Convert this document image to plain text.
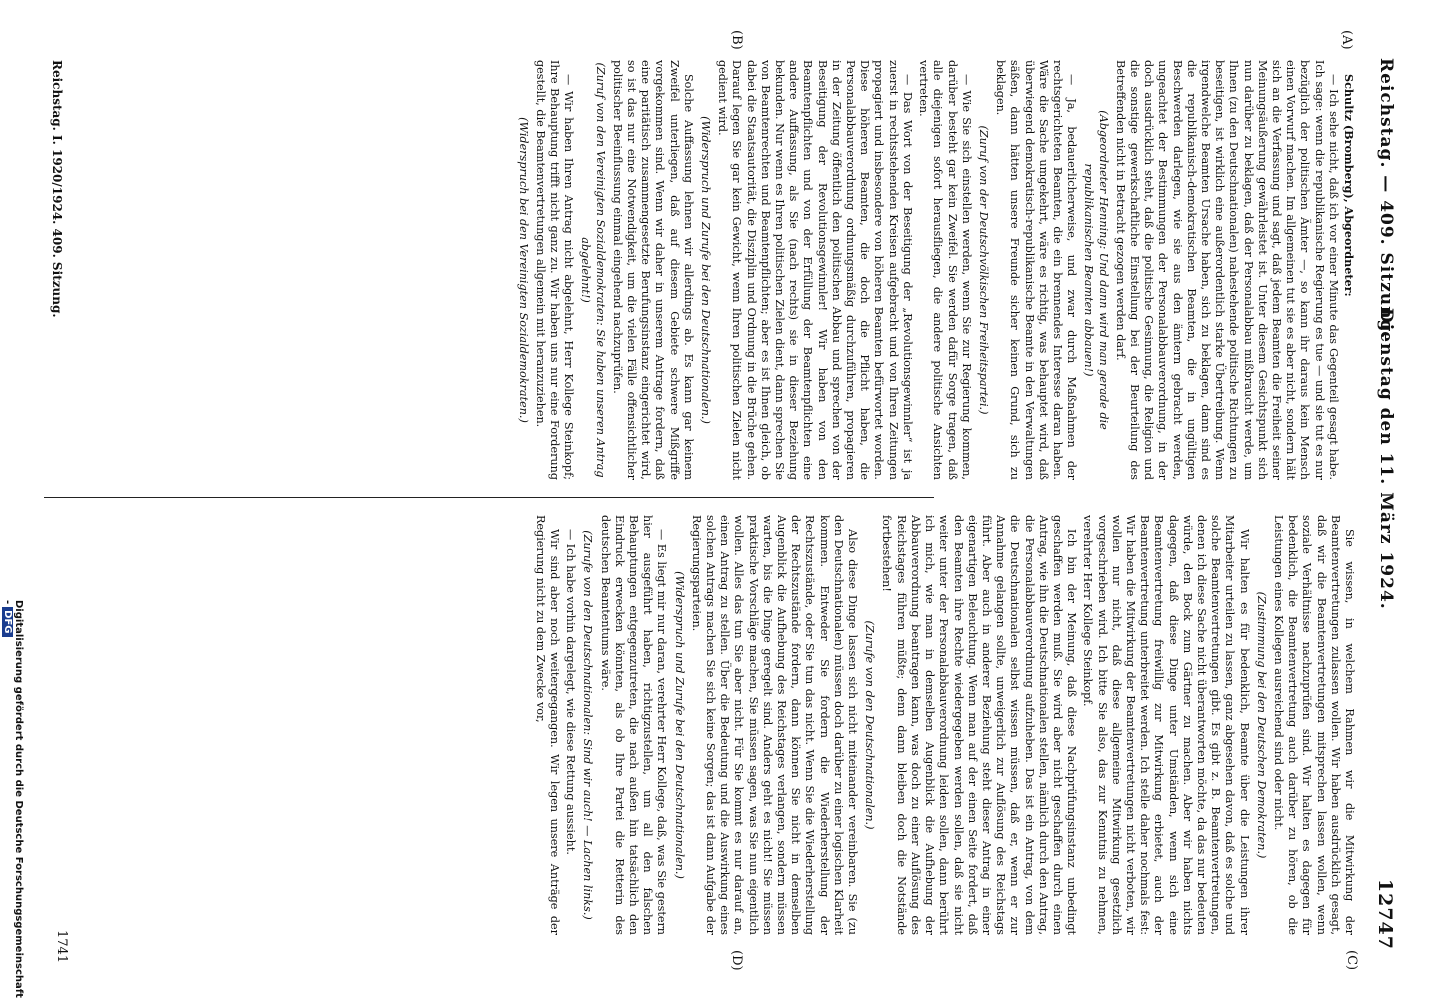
Reichstag. — 409. Sitzung.
Dienstag den 11. März 1924.
12747
(A)
(B)
(C)
(D)

Schultz (Bromberg), Abgeordneter:

— Ich sehe nicht, daß ich vor einer Minute das Gegenteil gesagt habe. Ich sage: wenn die republikanische Regierung es tue — und sie tut es nur bezüglich der politischen Ämter —, so kann ihr daraus kein Mensch einen Vorwurf machen. Im allgemeinen tut sie es aber nicht, sondern hält sich an die Verfassung und sagt, daß jedem Beamten die Freiheit seiner Meinungsäußerung gewährleistet ist. Unter diesem Gesichtspunkt sich nun darüber zu beklagen, daß der Personalabbau mißbraucht werde, um Ihnen (zu den Deutschnationalen) nahestehende politische Richtungen zu beseitigen, ist wirklich eine außerordentlich starke Übertreibung. Wenn irgendwelche Beamten Ursache haben, sich zu beklagen, dann sind es die republikanisch-demokratischen Beamten, die in ungültigen Beschwerden darlegen, wie sie aus den ämtern gebracht werden, ungeachtet der Bestimmungen der Personalabbauverordnung, in der doch ausdrücklich steht, daß die politische Gesinnung, die Religion und die sonstige gewerkschaftliche Einstellung bei der Beurteilung des Betreffenden nicht in Betracht gezogen werden darf.

(Abgeordneter Henning: Und dann wird man gerade die republikanischen Beamten abbauen!)

— Ja, bedauerlicherweise, und zwar durch Maßnahmen der rechtsgerichteten Beamten, die ein brennendes Interesse daran haben. Wäre die Sache umgekehrt, wäre es richtig, was behauptet wird, daß überwiegend demokratisch-republikanische Beamte in den Verwaltungen säßen, dann hätten unsere Freunde sicher keinen Grund, sich zu beklagen.

(Zuruf von der Deutschvölkischen Freiheitspartei.)

— Wie Sie sich einstellen werden, wenn Sie zur Regierung kommen, darüber besteht gar kein Zweifel. Sie werden dafür Sorge tragen, daß alle diejenigen sofort herausfliegen, die andere politische Ansichten vertreten.

— Das Wort von der Beseitigung der „Revolutionsgewinnler“ ist ja zuerst in rechtsstehenden Kreisen aufgebracht und von Ihren Zeitungen propagiert und insbesondere von höheren Beamten befürwortet worden. Diese höheren Beamten, die doch die Pflicht haben, die Personalabbauverordnung ordnungsmäßig durchzuführen, propagieren in der Zeitung öffentlich den politischen Abbau und sprechen von der Beseitigung der Revolutionsgewinnler! Wir haben von den Beamtenpflichten und von der Erfüllung der Beamtenpflichten eine andere Auffassung, als Sie (nach rechts) sie in dieser Beziehung bekunden. Nur wenn es Ihren politischen Zielen dient, dann sprechen Sie von Beamtenrechten und Beamtenpflichten; aber es ist Ihnen gleich, ob dabei die Staatsautorität, die Disziplin und Ordnung in die Brüche gehen. Darauf legen Sie gar kein Gewicht, wenn Ihren politischen Zielen nicht gedient wird.

(Widerspruch und Zurufe bei den Deutschnationalen.)

Solche Auffassung lehnen wir allerdings ab. Es kann gar keinem Zweifel unterliegen, daß auf diesem Gebiete schwere Mißgriffe vorgekommen sind. Wenn wir daher in unserem Antrage fordern, daß eine paritätisch zusammengesetzte Berufungsinstanz eingerichtet wird, so ist das nur eine Notwendigkeit, um die vielen Fälle offensichtlicher politischer Beeinflussung einmal eingehend nachzuprüfen.

(Zuruf von den Vereinigten Sozialdemokraten: Sie haben unseren Antrag abgelehnt!)

— Wir haben Ihren Antrag nicht abgelehnt, Herr Kollege Steinkopf; Ihre Behauptung trifft nicht ganz zu. Wir haben uns nur eine Forderung gestellt, die Beamtenvertretungen allgemein mit heranzuziehen.

(Widerspruch bei den Vereinigten Sozialdemokraten.)

Sie wissen, in welchem Rahmen wir die Mitwirkung der Beamtenvertretungen zulassen wollen. Wir haben ausdrücklich gesagt, daß wir die Beamtenvertretungen mitsprechen lassen wollen, wenn soziale Verhältnisse nachzuprüfen sind. Wir halten es dagegen für bedenklich, die Beamtenvertretung auch darüber zu hören, ob die Leistungen eines Kollegen ausreichend sind oder nicht.

(Zustimmung bei den Deutschen Demokraten.)

Wir halten es für bedenklich, Beamte über die Leistungen ihrer Mitarbeiter urteilen zu lassen, ganz abgesehen davon, daß es solche und solche Beamtenvertretungen gibt. Es gibt z. B. Beamtenvertretungen, denen ich diese Sache nicht überantworten möchte, da das nur bedeuten würde, den Bock zum Gärtner zu machen. Aber wir haben nichts dagegen, daß diese Dinge unter Umständen, wenn sich eine Beamtenvertretung freiwillig zur Mitwirkung erbietet, auch der Beamtenvertretung unterbreitet werden. Ich stelle daher nochmals fest: Wir haben die Mitwirkung der Beamtenvertretungen nicht verboten, wir wollen nur nicht, daß diese allgemeine Mitwirkung gesetzlich vorgeschrieben wird. Ich bitte Sie also, das zur Kenntnis zu nehmen, verehrter Herr Kollege Steinkopf.

Ich bin der Meinung, daß diese Nachprüfungsinstanz unbedingt geschaffen werden muß. Sie wird aber nicht geschaffen durch einen Antrag, wie ihn die Deutschnationalen stellen, nämlich durch den Antrag, die Personalabbauverordnung aufzuheben. Das ist ein Antrag, von dem die Deutschnationalen selbst wissen müssen, daß er, wenn er zur Annahme gelangen sollte, unweigerlich zur Auflösung des Reichstags führt. Aber auch in anderer Beziehung steht dieser Antrag in einer eigenartigen Beleuchtung. Wenn man auf der einen Seite fordert, daß den Beamten ihre Rechte wiedergegeben werden sollen, daß sie nicht weiter unter der Personalabbauverordnung leiden sollen, dann berührt ich mich, wie man in demselben Augenblick die Aufhebung der Abbauverordnung beantragen kann, was doch zu einer Auflösung des Reichstages führen müßte; denn dann bleiben doch die Notstände fortbestehen!

(Zurufe von den Deutschnationalen.)

Also diese Dinge lassen sich nicht miteinander vereinbaren. Sie (zu den Deutschnationalen) müssen doch darüber zu einer logischen Klarheit kommen. Entweder Sie fordern die Wiederherstellung der Rechtszustände, oder Sie tun das nicht. Wenn Sie die Wiederherstellung der Rechtszustände fordern, dann können Sie nicht in demselben Augenblick die Aufhebung des Reichstages verlangen, sondern müssen warten, bis die Dinge geregelt sind. Anders geht es nicht! Sie müssen praktische Vorschläge machen, Sie müssen sagen, was Sie nun eigentlich wollen. Alles das tun Sie aber nicht. Für Sie kommt es nur darauf an, einen Antrag zu stellen. Über die Bedeutung und die Auswirkung eines solchen Antrags machen Sie sich keine Sorgen; das ist dann Aufgabe der Regierungsparteien.

(Widerspruch und Zurufe bei den Deutschnationalen.)

— Es liegt mir nur daran, verehrter Herr Kollege, daß, was Sie gestern hier ausgeführt haben, richtigzustellen, um all den falschen Behauptungen entgegenzutreten, die nach außen hin tatsächlich den Eindruck erwecken könnten, als ob Ihre Partei die Retterin des deutschen Beamtentums wäre.

(Zurufe von den Deutschnationalen: Sind wir auch! — Lachen links.)

— Ich habe vorhin dargelegt, wie diese Rettung aussieht.

Wir sind aber noch weitergegangen. Wir legen unsere Anträge der Regierung nicht zu dem Zwecke vor,

Reichstag. I. 1920/1924. 409. Sitzung.
1741
Digitalisierung gefördert durch die Deutsche Forschungsgemeinschaft -DFG
